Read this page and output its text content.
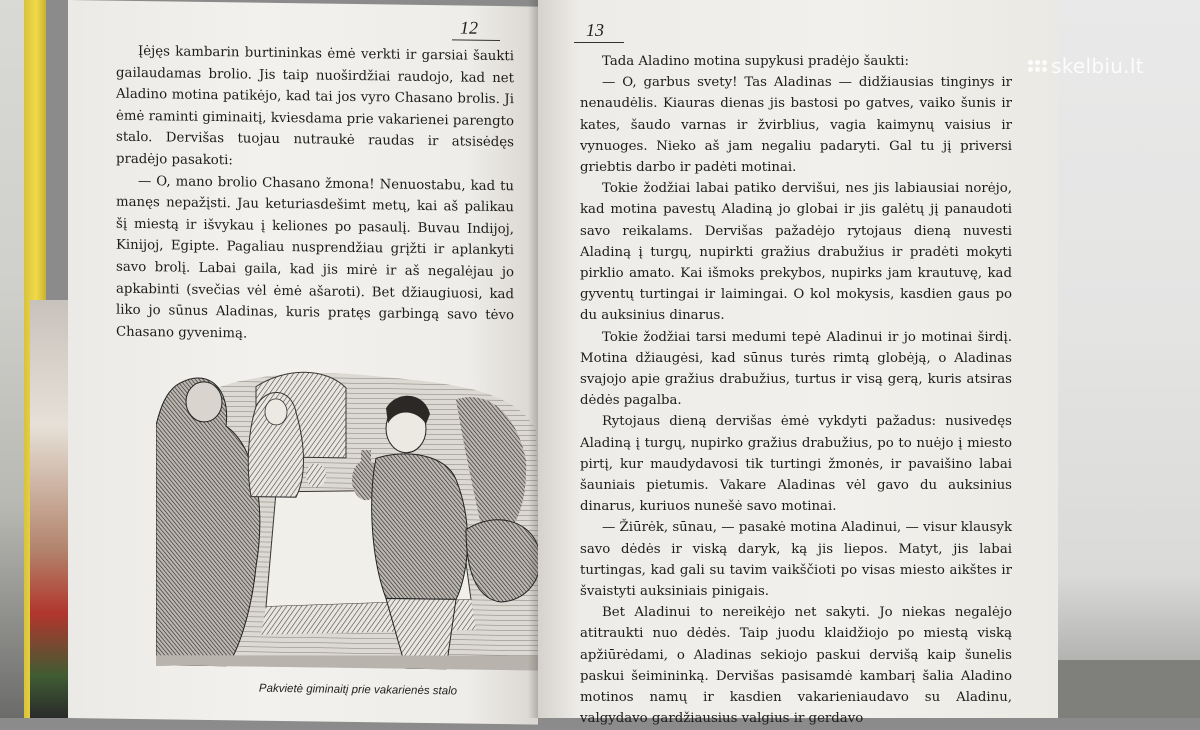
12

Įėjęs kambarin burtininkas ėmė verkti ir garsiai šaukti gailaudamas brolio. Jis taip nuoširdžiai raudojo, kad net Aladino motina patikėjo, kad tai jos vyro Chasano brolis. Ji ėmė raminti giminaitį, kviesdama prie vakarienei parengto stalo. Dervišas tuojau nutraukė raudas ir atsisėdęs pradėjo pasakoti:

— O, mano brolio Chasano žmona! Nenuostabu, kad tu manęs nepažįsti. Jau keturiasdešimt metų, kai aš palikau šį miestą ir išvykau į keliones po pasaulį. Buvau Indijoj, Kinijoj, Egipte. Pagaliau nusprendžiau grįžti ir aplankyti savo brolį. Labai gaila, kad jis mirė ir aš negalėjau jo apkabinti (svečias vėl ėmė ašaroti). Bet džiaugiuosi, kad liko jo sūnus Aladinas, kuris pratęs garbingą savo tėvo Chasano gyvenimą.

Pakvietė giminaitį prie vakarienės stalo
13

Tada Aladino motina supykusi pradėjo šaukti:

— O, garbus svety! Tas Aladinas — didžiausias tinginys ir nenaudėlis. Kiauras dienas jis bastosi po gatves, vaiko šunis ir kates, šaudo varnas ir žvirblius, vagia kaimynų vaisius ir vynuoges. Nieko aš jam negaliu padaryti. Gal tu jį priversi griebtis darbo ir padėti motinai.

Tokie žodžiai labai patiko dervišui, nes jis labiausiai norėjo, kad motina pavestų Aladiną jo globai ir jis galėtų jį panaudoti savo reikalams. Dervišas pažadėjo rytojaus dieną nuvesti Aladiną į turgų, nupirkti gražius drabužius ir pradėti mokyti pirklio amato. Kai išmoks prekybos, nupirks jam krautuvę, kad gyventų turtingai ir laimingai. O kol mokysis, kasdien gaus po du auksinius dinarus.

Tokie žodžiai tarsi medumi tepė Aladinui ir jo motinai širdį. Motina džiaugėsi, kad sūnus turės rimtą globėją, o Aladinas svajojo apie gražius drabužius, turtus ir visą gerą, kuris atsiras dėdės pagalba.

Rytojaus dieną dervišas ėmė vykdyti pažadus: nusivedęs Aladiną į turgų, nupirko gražius drabužius, po to nuėjo į miesto pirtį, kur maudydavosi tik turtingi žmonės, ir pavaišino labai šauniais pietumis. Vakare Aladinas vėl gavo du auksinius dinarus, kuriuos nunešė savo motinai.

— Žiūrėk, sūnau, — pasakė motina Aladinui, — visur klausyk savo dėdės ir viską daryk, ką jis liepos. Matyt, jis labai turtingas, kad gali su tavim vaikščioti po visas miesto aikštes ir švaistyti auksiniais pinigais.

Bet Aladinui to nereikėjo net sakyti. Jo niekas negalėjo atitraukti nuo dėdės. Taip juodu klaidžiojo po miestą viską apžiūrėdami, o Aladinas sekiojo paskui dervišą kaip šunelis paskui šeimininką. Dervišas pasisamdė kambarį šalia Aladino motinos namų ir kasdien vakarieniaudavo su Aladinu, valgydavo gardžiausius valgius ir gerdavo

skelbiu.lt
